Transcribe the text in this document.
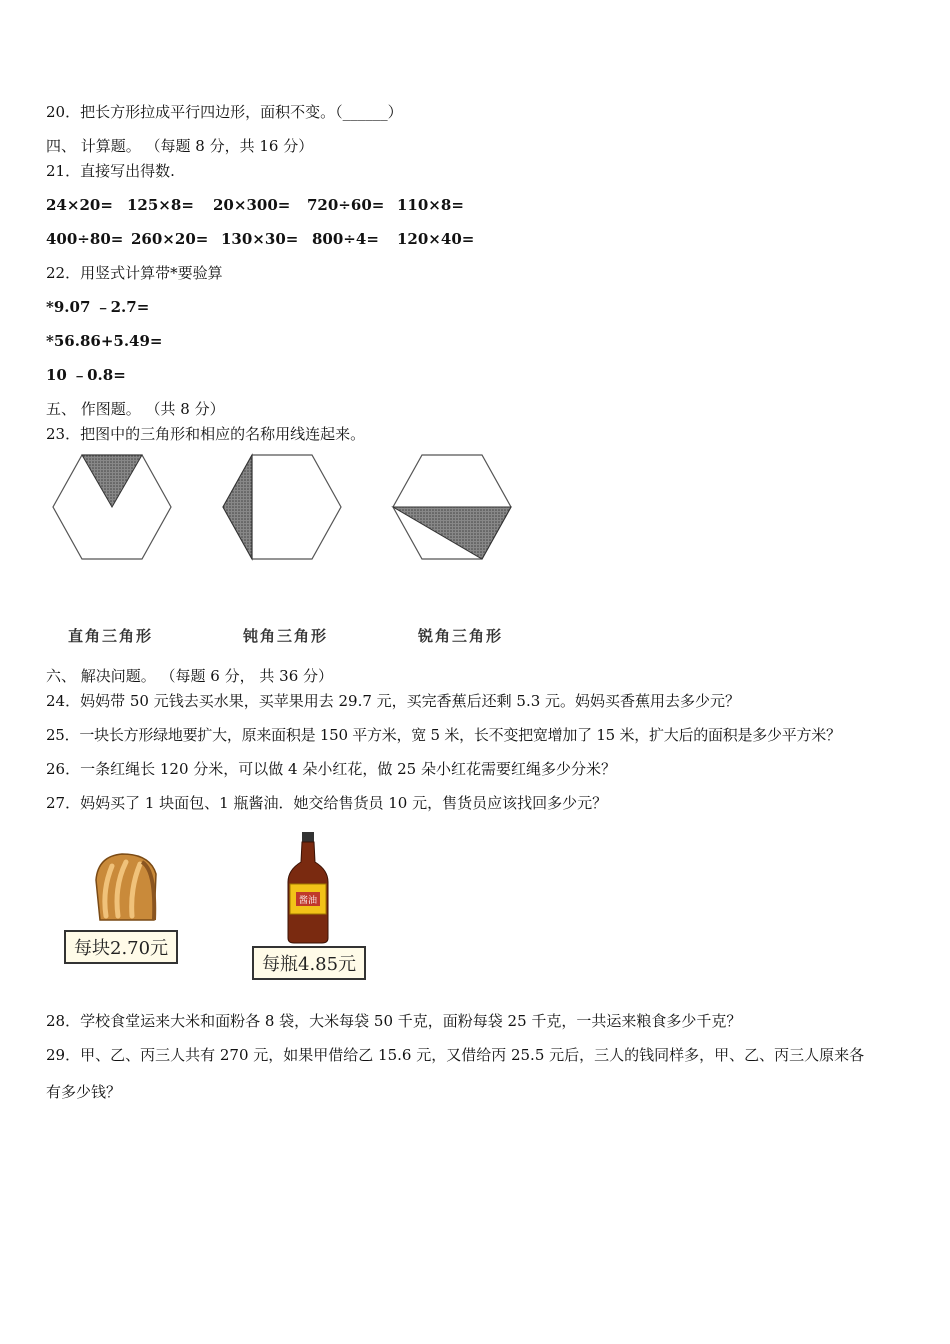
20．把长方形拉成平行四边形，面积不变。（______）
四、 计算题。 （每题 8 分，共 16 分）
21．直接写出得数.
24×20= 125×8= 20×300= 720÷60= 110×8=
400÷80= 260×20= 130×30= 800÷4= 120×40=
22．用竖式计算带*要验算
*9.07 ﹣2.7=
*56.86+5.49=
10 ﹣0.8=
五、 作图题。 （共 8 分）
23．把图中的三角形和相应的名称用线连起来。
直角三角形	钝角三角形	锐角三角形
六、 解决问题。 （每题 6 分， 共 36 分）
24．妈妈带 50 元钱去买水果，买苹果用去 29.7 元，买完香蕉后还剩 5.3 元。妈妈买香蕉用去多少元？
25．一块长方形绿地要扩大，原来面积是 150 平方米，宽 5 米，长不变把宽增加了 15 米，扩大后的面积是多少平方米？
26．一条红绳长 120 分米，可以做 4 朵小红花，做 25 朵小红花需要红绳多少分米？
27．妈妈买了 1 块面包、1 瓶酱油．她交给售货员 10 元，售货员应该找回多少元？
每块2.70元
酱油
每瓶4.85元
28．学校食堂运来大米和面粉各 8 袋，大米每袋 50 千克，面粉每袋 25 千克，一共运来粮食多少千克？
29．甲、乙、丙三人共有 270 元，如果甲借给乙 15.6 元，又借给丙 25.5 元后，三人的钱同样多，甲、乙、丙三人原来各
有多少钱？
